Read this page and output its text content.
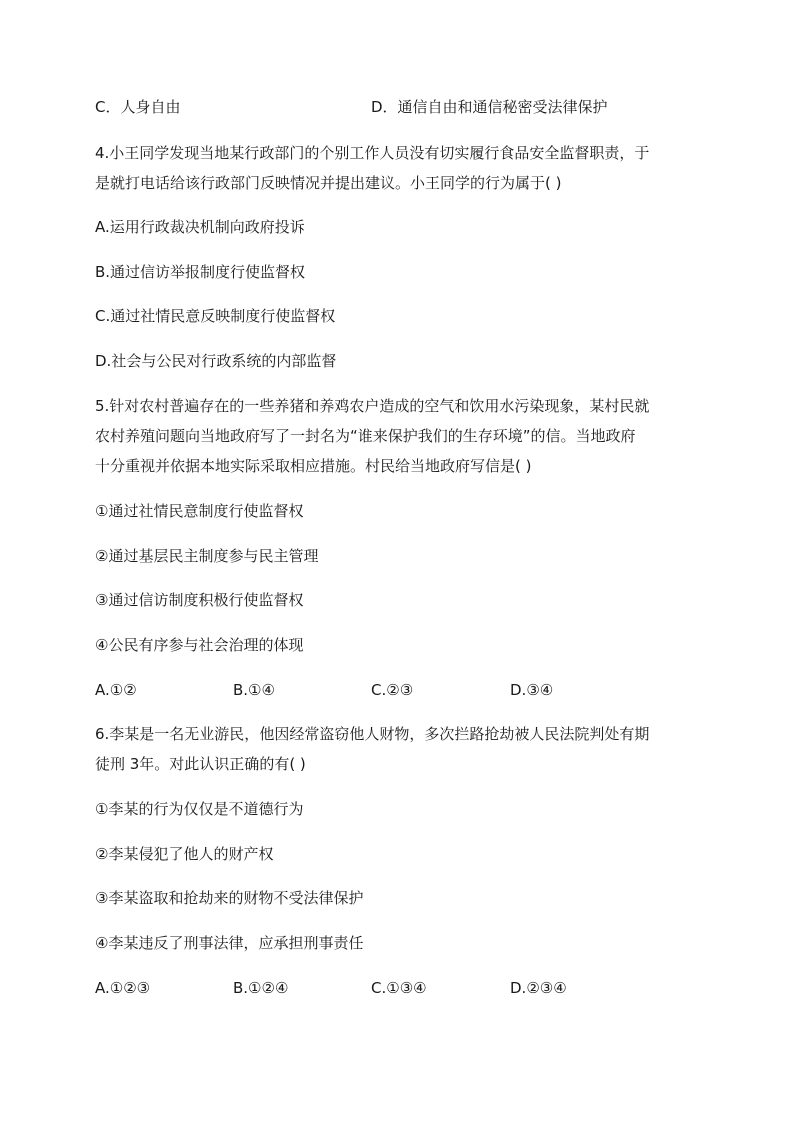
C．人身自由	D．通信自由和通信秘密受法律保护
4.小王同学发现当地某行政部门的个别工作人员没有切实履行食品安全监督职责，于
是就打电话给该行政部门反映情况并提出建议。小王同学的行为属于( )
A.运用行政裁决机制向政府投诉
B.通过信访举报制度行使监督权
C.通过社情民意反映制度行使监督权
D.社会与公民对行政系统的内部监督
5.针对农村普遍存在的一些养猪和养鸡农户造成的空气和饮用水污染现象，某村民就
农村养殖问题向当地政府写了一封名为“谁来保护我们的生存环境”的信。当地政府
十分重视并依据本地实际采取相应措施。村民给当地政府写信是( )
①通过社情民意制度行使监督权
②通过基层民主制度参与民主管理
③通过信访制度积极行使监督权
④公民有序参与社会治理的体现
A.①②	B.①④	C.②③	D.③④
6.李某是一名无业游民，他因经常盗窃他人财物，多次拦路抢劫被人民法院判处有期
徒刑 3年。对此认识正确的有( )
①李某的行为仅仅是不道德行为
②李某侵犯了他人的财产权
③李某盗取和抢劫来的财物不受法律保护
④李某违反了刑事法律，应承担刑事责任
A.①②③	B.①②④	C.①③④	D.②③④
